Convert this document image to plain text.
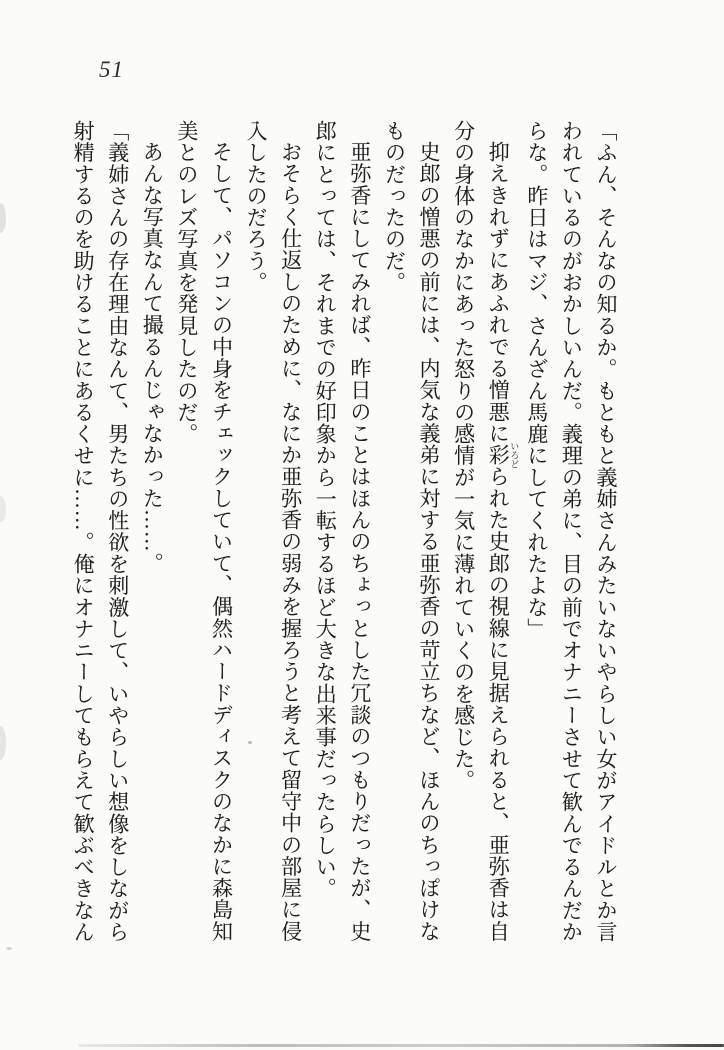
51

「ふん、そんなの知るか。もともと義姉さんみたいないやらしい女がアイドルとか言われているのがおかしいんだ。義理の弟に、目の前でオナニーさせて歓んでるんだからな。昨日はマジ、さんざん馬鹿にしてくれたよな」

抑えきれずにあふれでる憎悪に彩 いろどられた史郎の視線に見据えられると、亜弥香は自分の身体のなかにあった怒りの感情が一気に薄れていくのを感じた。

史郎の憎悪の前には、内気な義弟に対する亜弥香の苛立ちなど、ほんのちっぽけなものだったのだ。

亜弥香にしてみれば、昨日のことはほんのちょっとした冗談のつもりだったが、史郎にとっては、それまでの好印象から一転するほど大きな出来事だったらしい。

おそらく仕返しのために、なにか亜弥香の弱みを握ろうと考えて留守中の部屋に侵入したのだろう。

そして、パソコンの中身をチェックしていて、偶然ハードディスクのなかに森島知美とのレズ写真を発見したのだ。

あんな写真なんて撮るんじゃなかった……。

「義姉さんの存在理由なんて、男たちの性欲を刺激して、いやらしい想像をしながら射精するのを助けることにあるくせに……。俺にオナニーしてもらえて歓ぶべきなん
